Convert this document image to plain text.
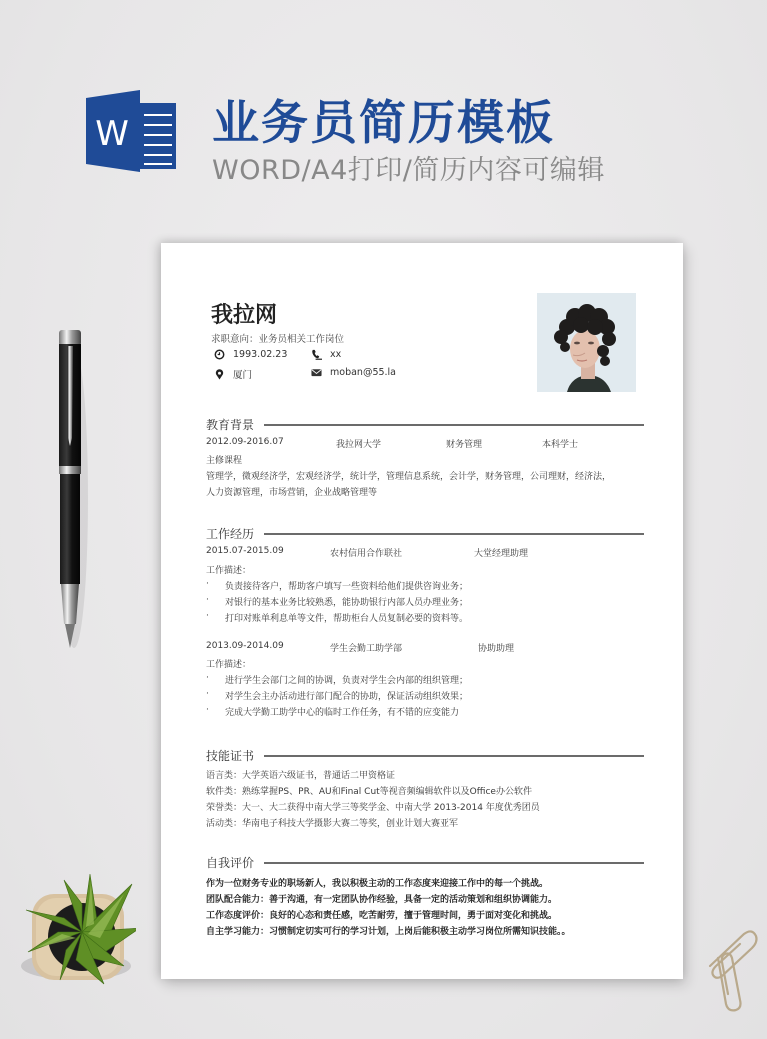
W 业务员简历模板
WORD/A4打印/简历内容可编辑
我拉网
求职意向：业务员相关工作岗位
1993.02.23	xx
厦门	moban@55.la
教育背景
2012.09-2016.07	我拉网大学	财务管理	本科学士
主修课程
管理学，微观经济学，宏观经济学，统计学，管理信息系统，会计学，财务管理，公司理财，经济法，
人力资源管理，市场营销，企业战略管理等
工作经历
2015.07-2015.09	农村信用合作联社	大堂经理助理
工作描述：
· 负责接待客户，帮助客户填写一些资料给他们提供咨询业务；
· 对银行的基本业务比较熟悉，能协助银行内部人员办理业务；
· 打印对账单利息单等文件，帮助柜台人员复制必要的资料等。
2013.09-2014.09	学生会勤工助学部	协助助理
工作描述：
· 进行学生会部门之间的协调，负责对学生会内部的组织管理；
· 对学生会主办活动进行部门配合的协助，保证活动组织效果；
· 完成大学勤工助学中心的临时工作任务，有不错的应变能力
技能证书
语言类：大学英语六级证书，普通话二甲资格证
软件类：熟练掌握PS、PR、AU和Final Cut等视音频编辑软件以及Office办公软件
荣誉类：大一、大二获得中南大学三等奖学金、中南大学 2013-2014 年度优秀团员
活动类：华南电子科技大学摄影大赛二等奖，创业计划大赛亚军
自我评价
作为一位财务专业的职场新人，我以积极主动的工作态度来迎接工作中的每一个挑战。
团队配合能力：善于沟通，有一定团队协作经验，具备一定的活动策划和组织协调能力。
工作态度评价：良好的心态和责任感，吃苦耐劳，擅于管理时间，勇于面对变化和挑战。
自主学习能力：习惯制定切实可行的学习计划，上岗后能积极主动学习岗位所需知识技能。。
